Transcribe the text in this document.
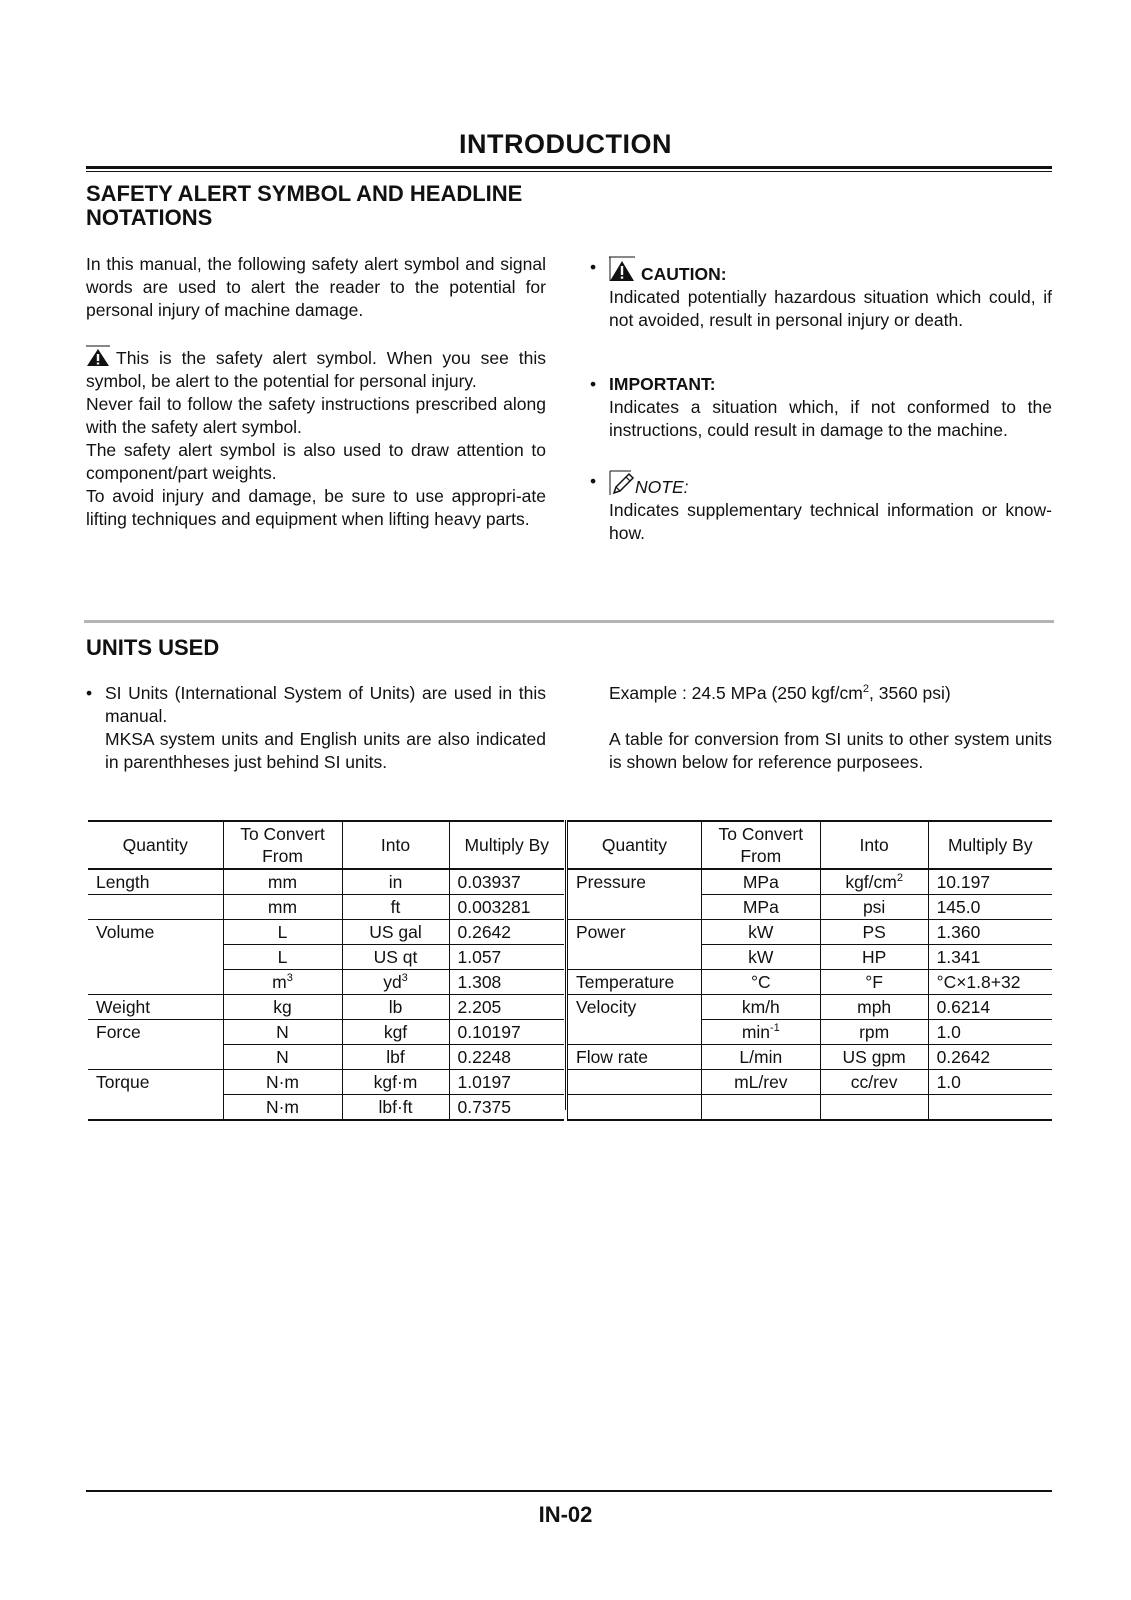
INTRODUCTION
SAFETY ALERT SYMBOL AND HEADLINE
NOTATIONS

In this manual, the following safety alert symbol and signal words are used to alert the reader to the potential for personal injury of machine damage.

This is the safety alert symbol. When you see this symbol, be alert to the potential for personal injury.

Never fail to follow the safety instructions prescribed along with the safety alert symbol.

The safety alert symbol is also used to draw attention to component/part weights.

To avoid injury and damage, be sure to use appropri-ate lifting techniques and equipment when lifting heavy parts.

•	CAUTION:
Indicated potentially hazardous situation which could, if not avoided, result in personal injury or death.
• IMPORTANT:
Indicates a situation which, if not conformed to the instructions, could result in damage to the machine.
•	NOTE:
Indicates supplementary technical information or know-how.
UNITS USED
• SI Units (International System of Units) are used in this manual.
MKSA system units and English units are also indicated in parenthheses just behind SI units.

Example : 24.5 MPa (250 kgf/$cm^2$, 3560 psi)

A table for conversion from SI units to other system units is shown below for reference purposees.

Quantity	To Convert From	Into	Multiply By
Length	mm	in	0.03937
	mm	ft	0.003281
Volume	L	US gal	0.2642
	L	US qt	1.057
	$m^3$	$yd^3$	1.308
Weight	kg	lb	2.205
Force	N	kgf	0.10197
	N	lbf	0.2248
Torque	N·m	kgf·m	1.0197
	N·m	lbf·ft	0.7375
Quantity	To Convert From	Into	Multiply By
Pressure	MPa	kgf/$cm^2$	10.197
	MPa	psi	145.0
Power	kW	PS	1.360
	kW	HP	1.341
Temperature	°C	°F	°C×1.8+32
Velocity	km/h	mph	0.6214
	$\min^{-1}$	rpm	1.0
Flow rate	L/min	US gpm	0.2642
	mL/rev	cc/rev	1.0

IN-02
